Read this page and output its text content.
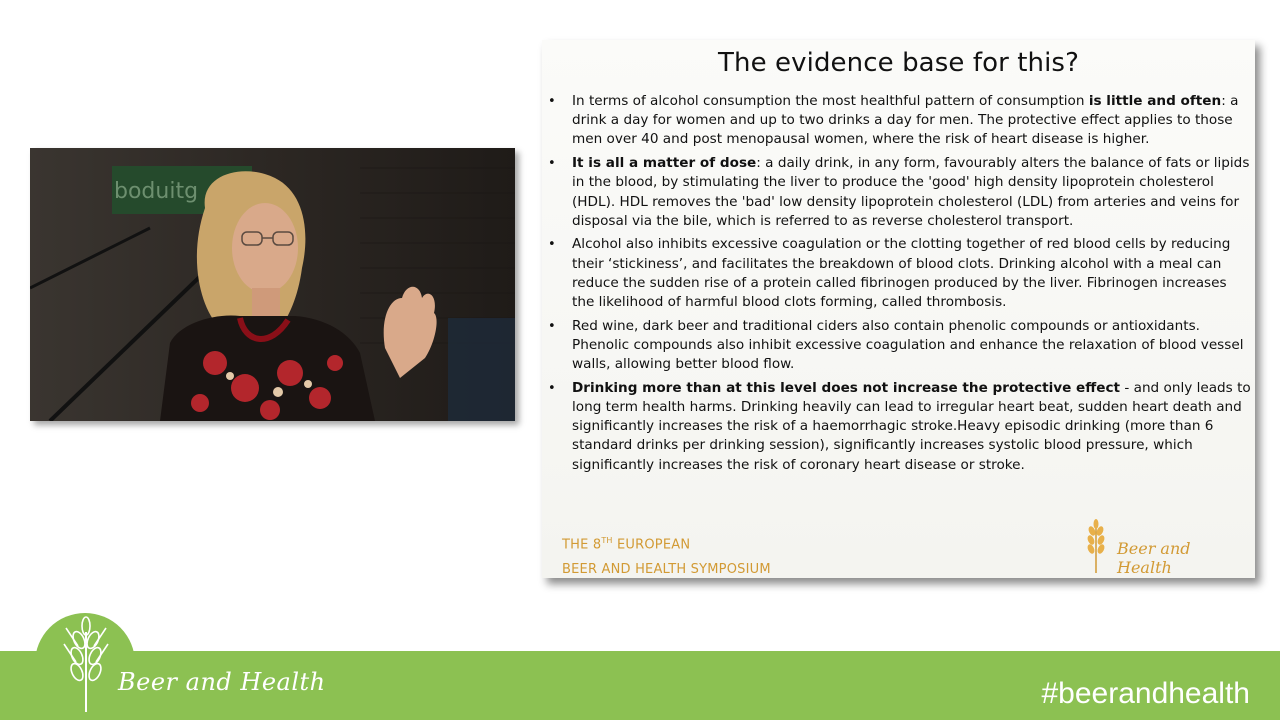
boduitg
The evidence base for this?
• In terms of alcohol consumption the most healthful pattern of consumption is little and often: a drink a day for women and up to two drinks a day for men. The protective effect applies to those men over 40 and post menopausal women, where the risk of heart disease is higher.
• It is all a matter of dose: a daily drink, in any form, favourably alters the balance of fats or lipids in the blood, by stimulating the liver to produce the 'good' high density lipoprotein cholesterol (HDL). HDL removes the 'bad' low density lipoprotein cholesterol (LDL) from arteries and veins for disposal via the bile, which is referred to as reverse cholesterol transport.
• Alcohol also inhibits excessive coagulation or the clotting together of red blood cells by reducing their ‘stickiness’, and facilitates the breakdown of blood clots. Drinking alcohol with a meal can reduce the sudden rise of a protein called fibrinogen produced by the liver. Fibrinogen increases the likelihood of harmful blood clots forming, called thrombosis.
• Red wine, dark beer and traditional ciders also contain phenolic compounds or antioxidants. Phenolic compounds also inhibit excessive coagulation and enhance the relaxation of blood vessel walls, allowing better blood flow.
• Drinking more than at this level does not increase the protective effect - and only leads to long term health harms. Drinking heavily can lead to irregular heart beat, sudden heart death and significantly increases the risk of a haemorrhagic stroke.Heavy episodic drinking (more than 6 standard drinks per drinking session), significantly increases systolic blood pressure, which significantly increases the risk of coronary heart disease or stroke.
THE 8TH EUROPEAN
BEER AND HEALTH SYMPOSIUM
Beer and Health
Beer and Health	#beerandhealth
